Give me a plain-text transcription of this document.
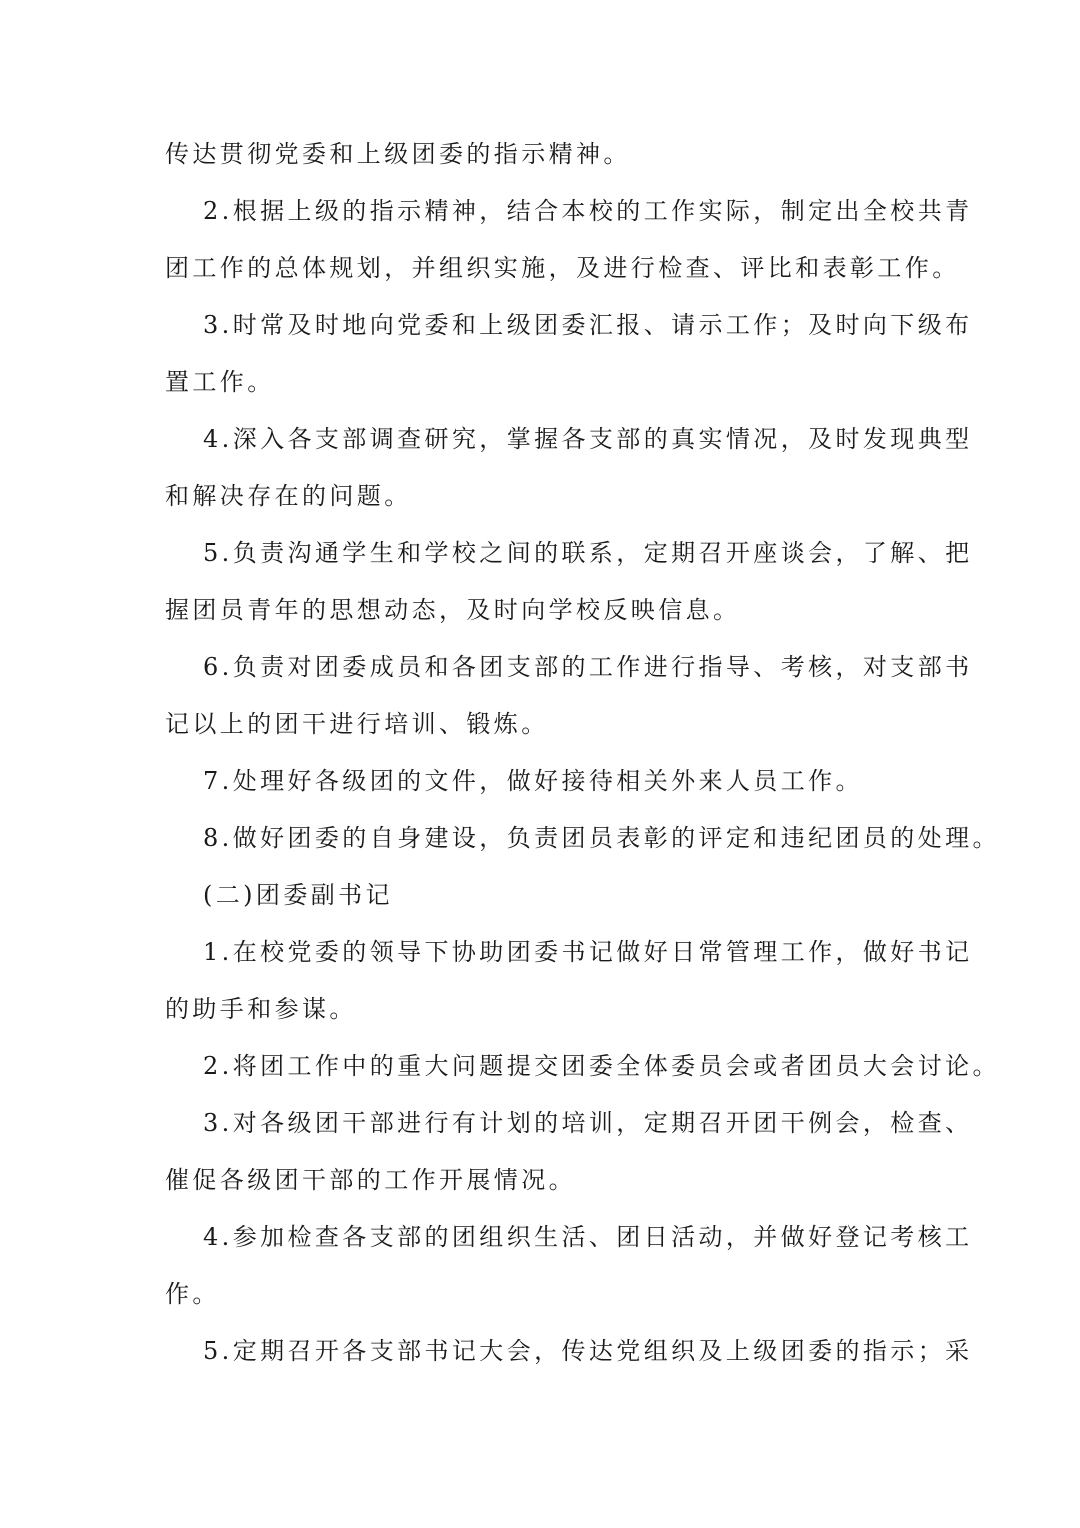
传达贯彻党委和上级团委的指示精神。
2.根据上级的指示精神，结合本校的工作实际，制定出全校共青
团工作的总体规划，并组织实施，及进行检查、评比和表彰工作。
3.时常及时地向党委和上级团委汇报、请示工作；及时向下级布
置工作。
4.深入各支部调查研究，掌握各支部的真实情况，及时发现典型
和解决存在的问题。
5.负责沟通学生和学校之间的联系，定期召开座谈会，了解、把
握团员青年的思想动态，及时向学校反映信息。
6.负责对团委成员和各团支部的工作进行指导、考核，对支部书
记以上的团干进行培训、锻炼。
7.处理好各级团的文件，做好接待相关外来人员工作。
8.做好团委的自身建设，负责团员表彰的评定和违纪团员的处理。
(二)团委副书记
1.在校党委的领导下协助团委书记做好日常管理工作，做好书记
的助手和参谋。
2.将团工作中的重大问题提交团委全体委员会或者团员大会讨论。
3.对各级团干部进行有计划的培训，定期召开团干例会，检查、
催促各级团干部的工作开展情况。
4.参加检查各支部的团组织生活、团日活动，并做好登记考核工
作。
5.定期召开各支部书记大会，传达党组织及上级团委的指示；采
